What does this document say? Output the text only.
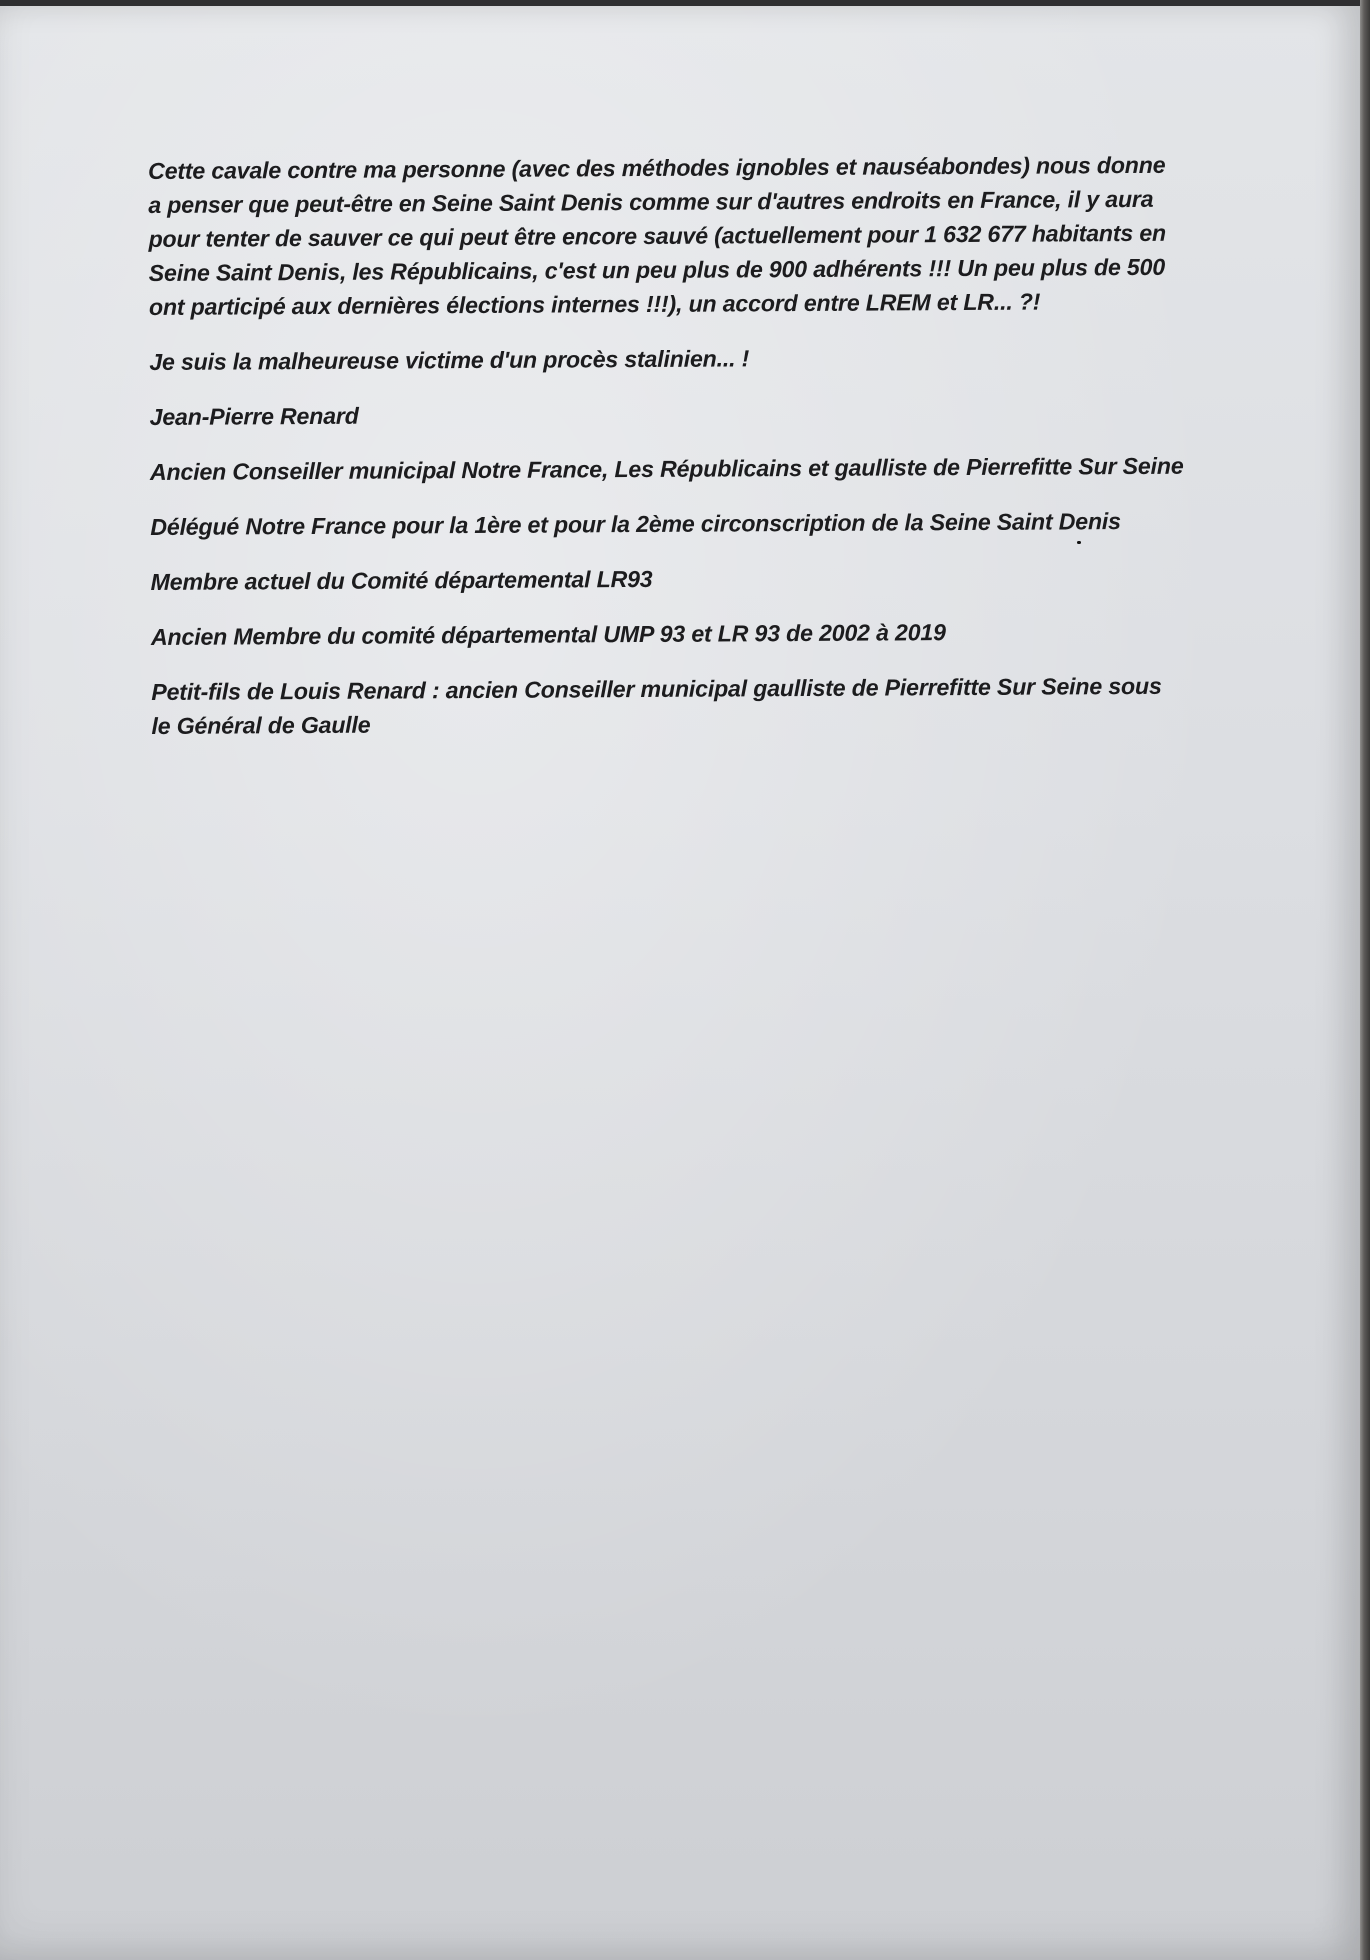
Cette cavale contre ma personne (avec des méthodes ignobles et nauséabondes) nous donne a penser que peut-être en Seine Saint Denis comme sur d'autres endroits en France, il y aura pour tenter de sauver ce qui peut être encore sauvé (actuellement pour 1 632 677 habitants en Seine Saint Denis, les Républicains, c'est un peu plus de 900 adhérents !!! Un peu plus de 500 ont participé aux dernières élections internes !!!), un accord entre LREM et LR... ?!

Je suis la malheureuse victime d'un procès stalinien... !

Jean-Pierre Renard

Ancien Conseiller municipal Notre France, Les Républicains et gaulliste de Pierrefitte Sur Seine

Délégué Notre France pour la 1ère et pour la 2ème circonscription de la Seine Saint Denis

Membre actuel du Comité départemental LR93

Ancien Membre du comité départemental UMP 93 et LR 93 de 2002 à 2019

Petit-fils de Louis Renard : ancien Conseiller municipal gaulliste de Pierrefitte Sur Seine sous le Général de Gaulle
